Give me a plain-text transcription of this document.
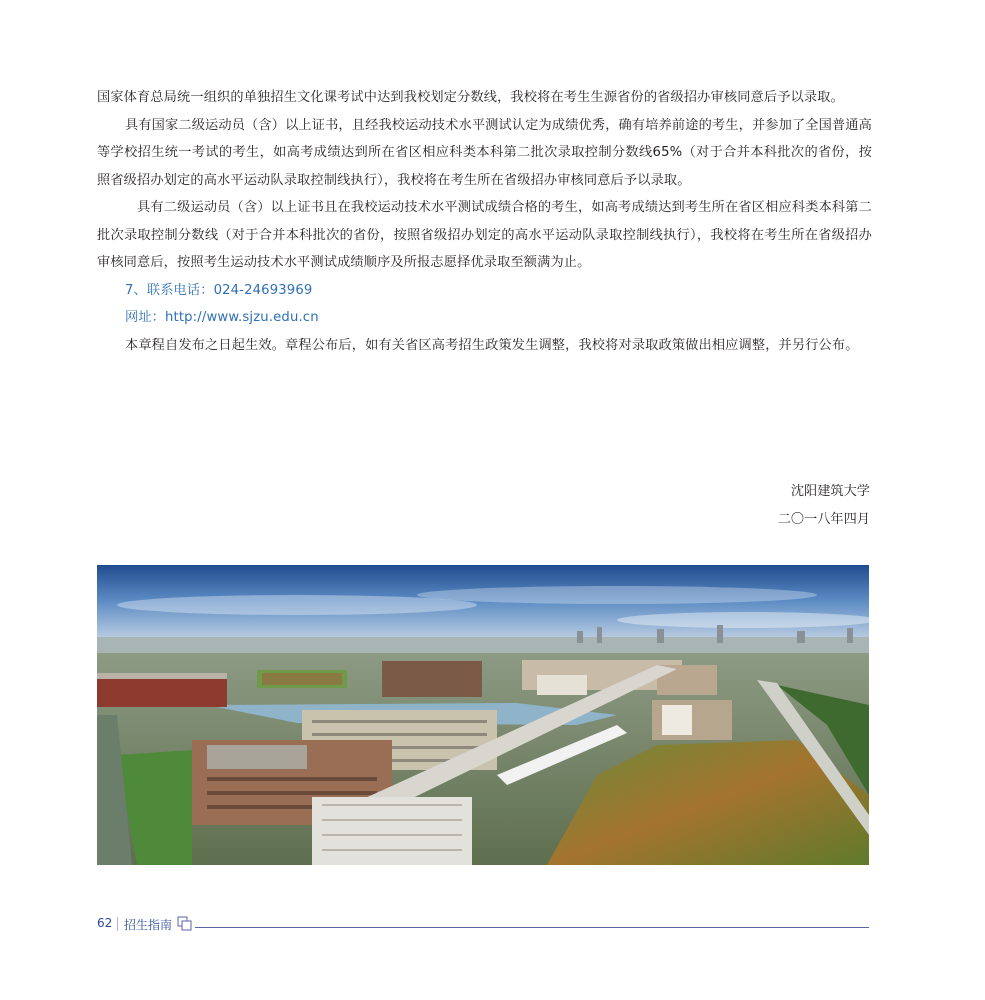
国家体育总局统一组织的单独招生文化课考试中达到我校划定分数线，我校将在考生生源省份的省级招办审核同意后予以录取。

具有国家二级运动员（含）以上证书，且经我校运动技术水平测试认定为成绩优秀，确有培养前途的考生，并参加了全国普通高等学校招生统一考试的考生，如高考成绩达到所在省区相应科类本科第二批次录取控制分数线65%（对于合并本科批次的省份，按照省级招办划定的高水平运动队录取控制线执行），我校将在考生所在省级招办审核同意后予以录取。

具有二级运动员（含）以上证书且在我校运动技术水平测试成绩合格的考生，如高考成绩达到考生所在省区相应科类本科第二批次录取控制分数线（对于合并本科批次的省份，按照省级招办划定的高水平运动队录取控制线执行），我校将在考生所在省级招办审核同意后，按照考生运动技术水平测试成绩顺序及所报志愿择优录取至额满为止。

7、联系电话：024-24693969

网址：http://www.sjzu.edu.cn

本章程自发布之日起生效。章程公布后，如有关省区高考招生政策发生调整，我校将对录取政策做出相应调整，并另行公布。

沈阳建筑大学
二〇一八年四月
62 招生指南
